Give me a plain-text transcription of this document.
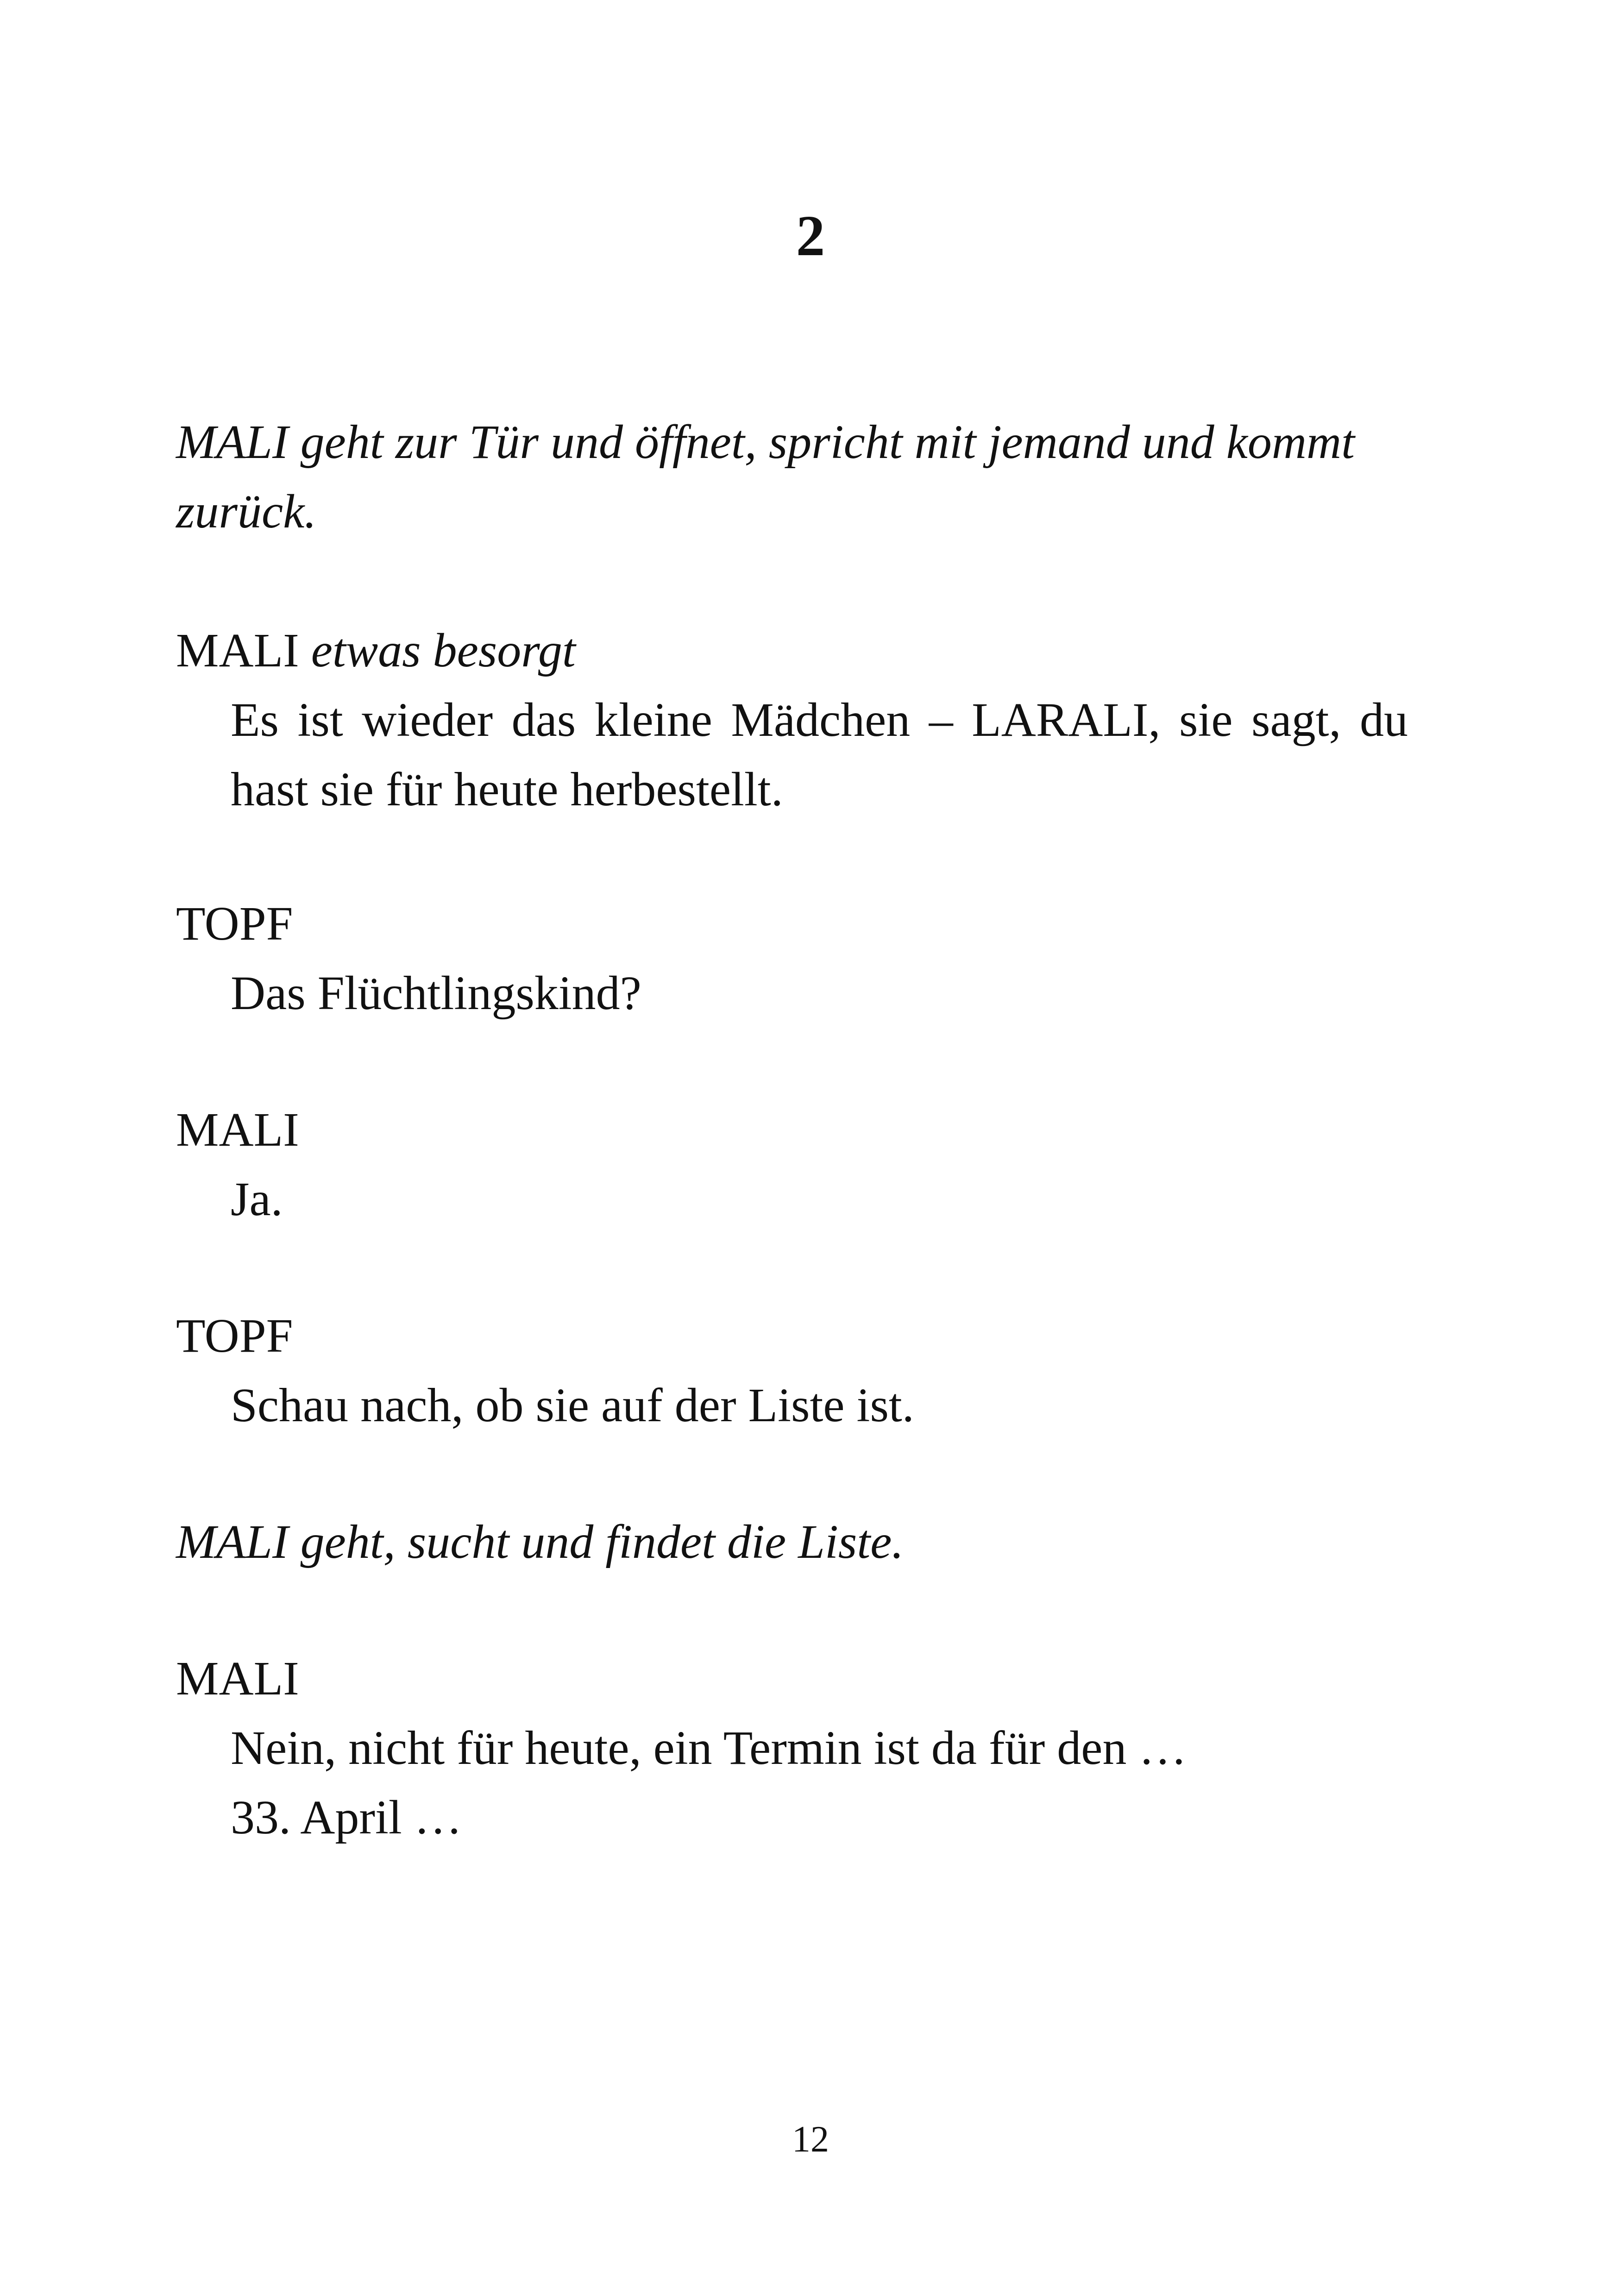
2
MALI geht zur Tür und öffnet, spricht mit jemand und kommt zurück.

MALI etwas besorgt

Es ist wieder das kleine Mädchen – LARALI, sie sagt, du hast sie für heute herbestellt.

TOPF

Das Flüchtlingskind?

MALI

Ja.

TOPF

Schau nach, ob sie auf der Liste ist.

MALI geht, sucht und findet die Liste.

MALI

Nein, nicht für heute, ein Termin ist da für den …

33. April …

12
